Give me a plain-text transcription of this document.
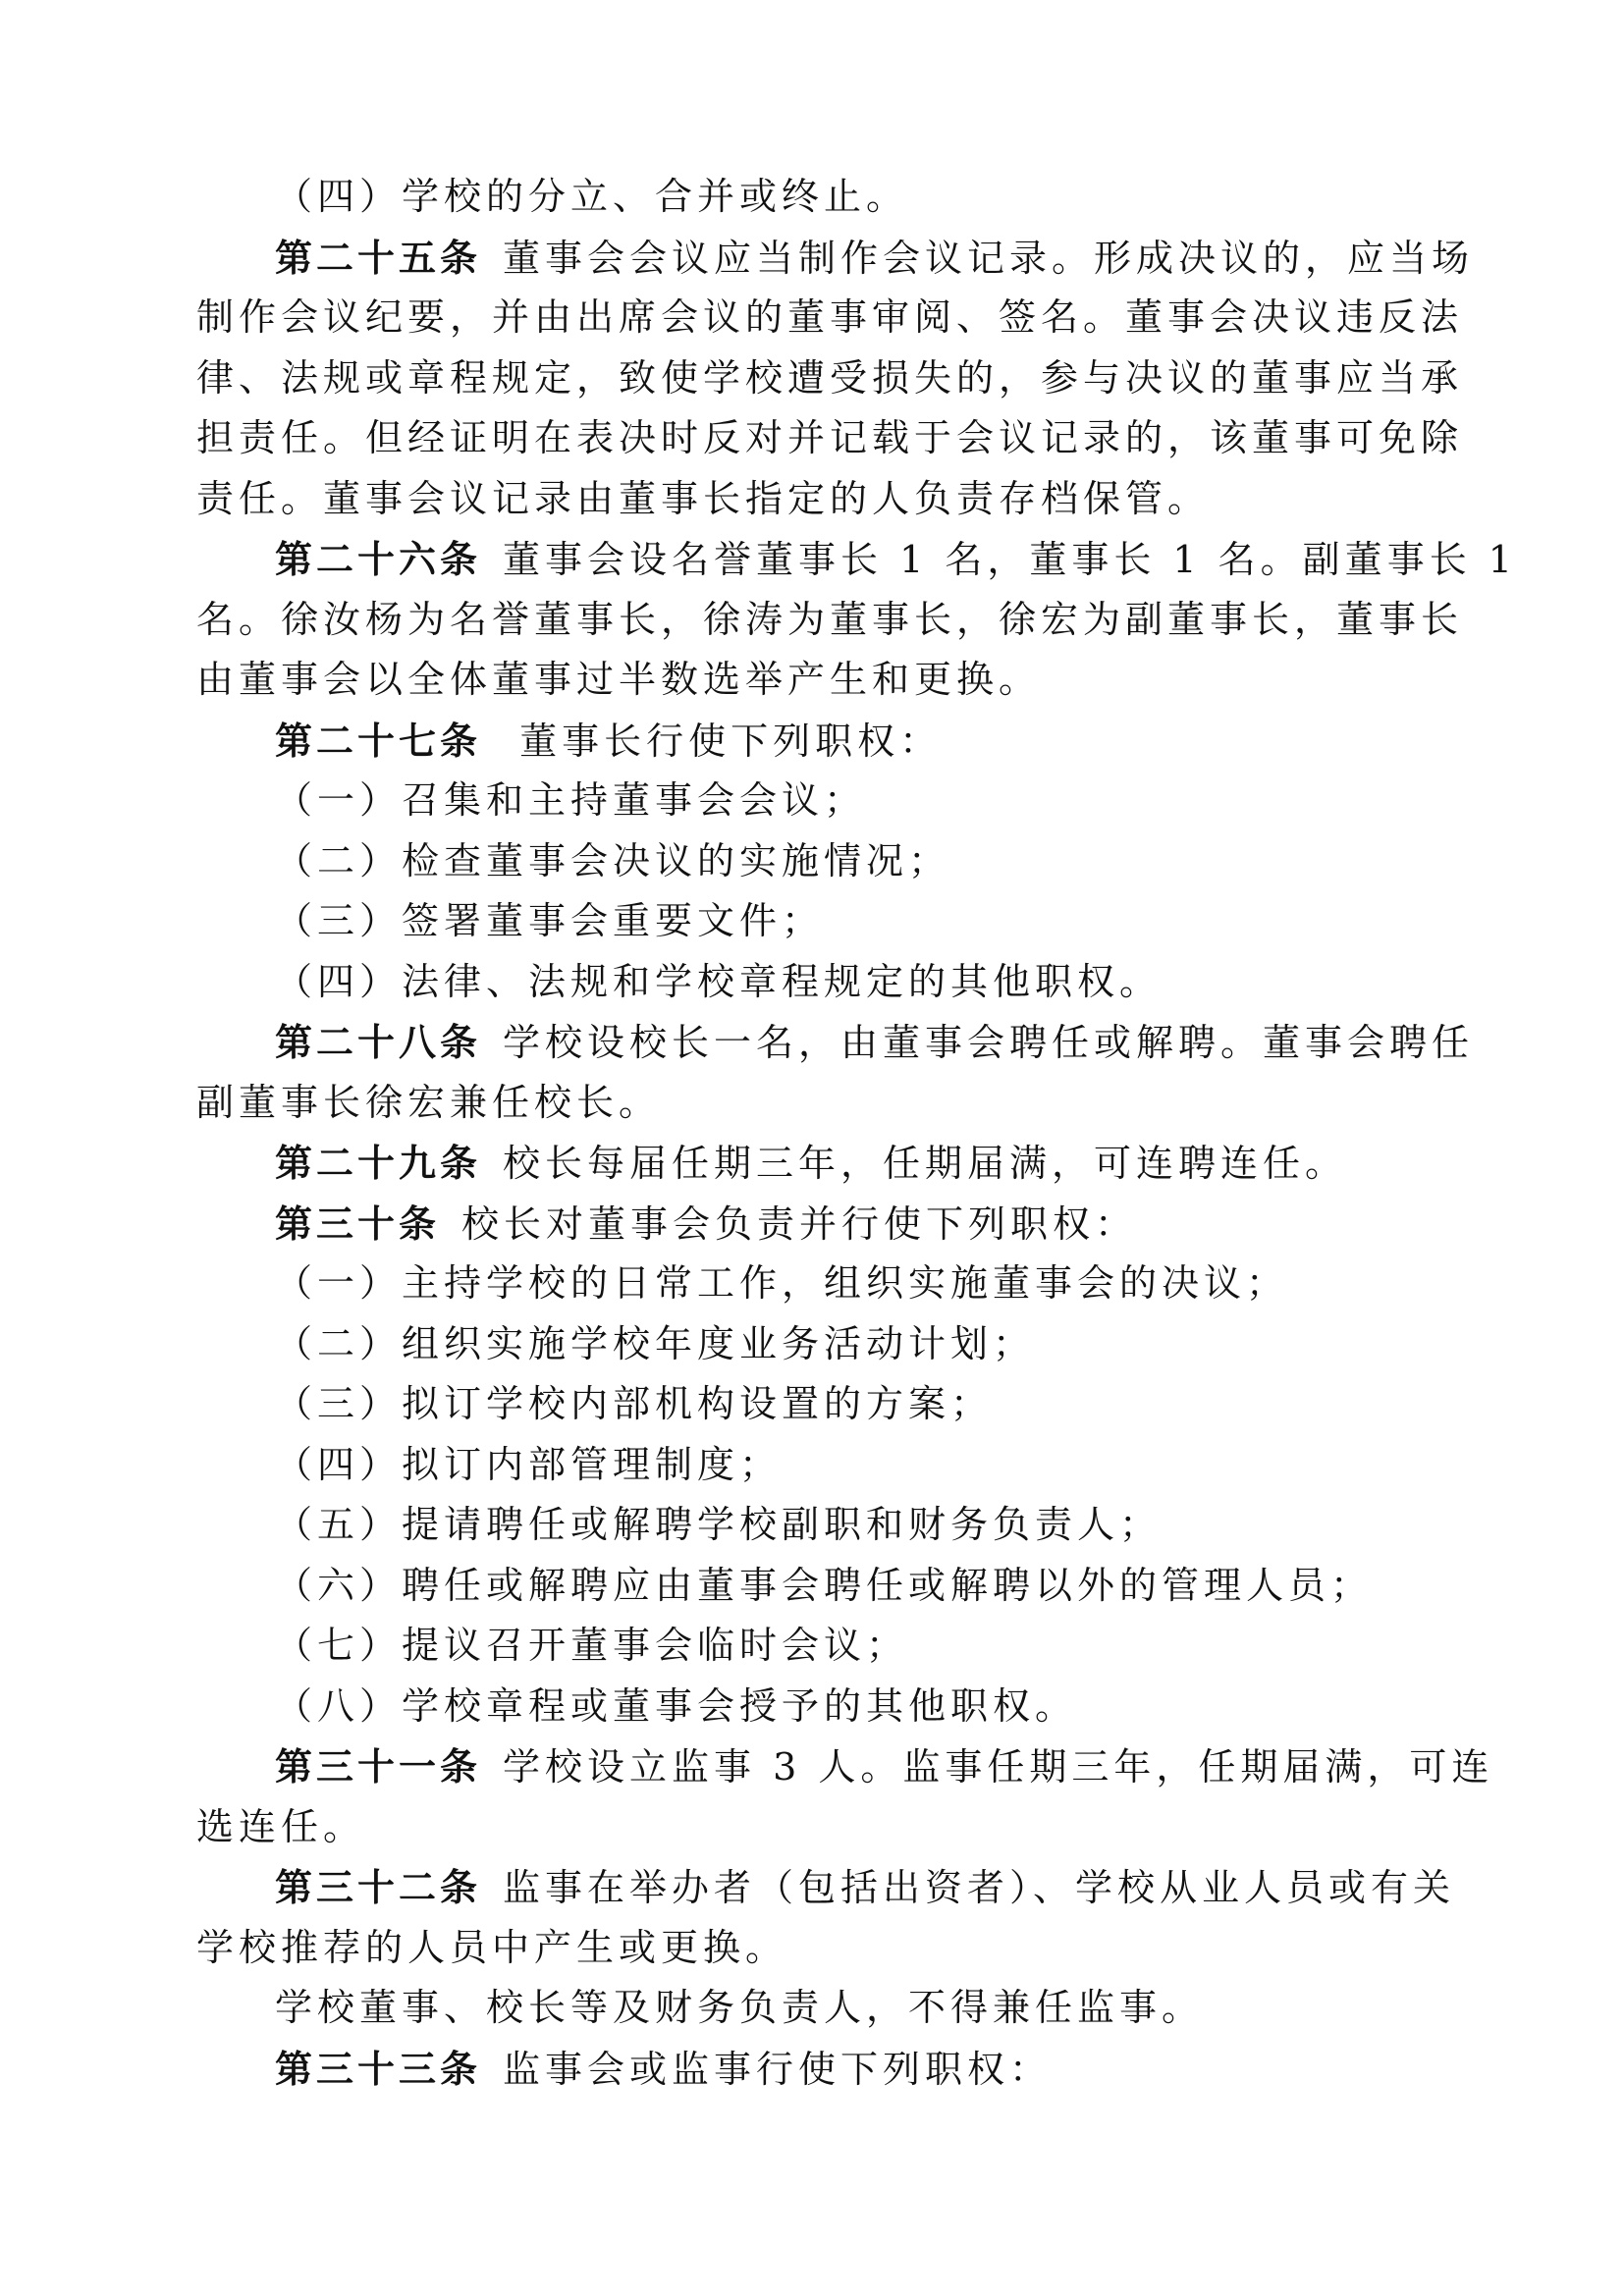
（四）学校的分立、合并或终止。
第二十五条 董事会会议应当制作会议记录。形成决议的，应当场
制作会议纪要，并由出席会议的董事审阅、签名。董事会决议违反法
律、法规或章程规定，致使学校遭受损失的，参与决议的董事应当承
担责任。但经证明在表决时反对并记载于会议记录的，该董事可免除
责任。董事会议记录由董事长指定的人负责存档保管。
第二十六条 董事会设名誉董事长 1 名，董事长 1 名。副董事长 1
名。徐汝杨为名誉董事长，徐涛为董事长，徐宏为副董事长，董事长
由董事会以全体董事过半数选举产生和更换。
第二十七条 董事长行使下列职权：
（一）召集和主持董事会会议；
（二）检查董事会决议的实施情况；
（三）签署董事会重要文件；
（四）法律、法规和学校章程规定的其他职权。
第二十八条 学校设校长一名，由董事会聘任或解聘。董事会聘任
副董事长徐宏兼任校长。
第二十九条 校长每届任期三年，任期届满，可连聘连任。
第三十条 校长对董事会负责并行使下列职权：
（一）主持学校的日常工作，组织实施董事会的决议；
（二）组织实施学校年度业务活动计划；
（三）拟订学校内部机构设置的方案；
（四）拟订内部管理制度；
（五）提请聘任或解聘学校副职和财务负责人；
（六）聘任或解聘应由董事会聘任或解聘以外的管理人员；
（七）提议召开董事会临时会议；
（八）学校章程或董事会授予的其他职权。
第三十一条 学校设立监事 3 人。监事任期三年，任期届满，可连
选连任。
第三十二条 监事在举办者（包括出资者）、学校从业人员或有关
学校推荐的人员中产生或更换。
学校董事、校长等及财务负责人，不得兼任监事。
第三十三条 监事会或监事行使下列职权：
